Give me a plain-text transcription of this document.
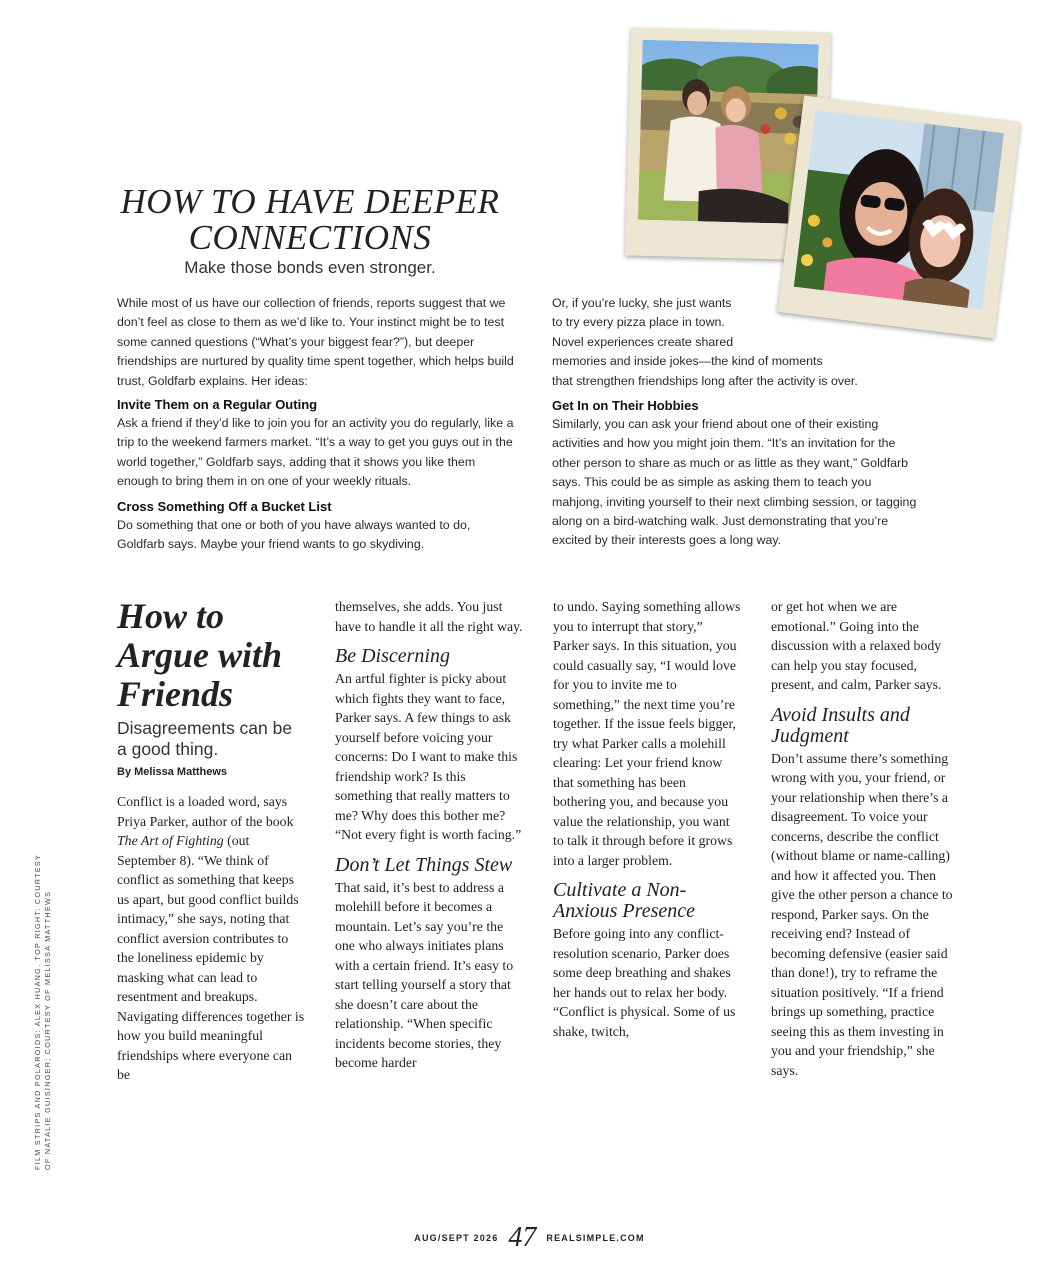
HOW TO HAVE DEEPER
CONNECTIONS
Make those bonds even stronger.

While most of us have our collection of friends, reports suggest that we don’t feel as close to them as we’d like to. Your instinct might be to test some canned questions (“What’s your biggest fear?”), but deeper friendships are nurtured by quality time spent together, which helps build trust, Goldfarb explains. Her ideas:

Invite Them on a Regular Outing

Ask a friend if they’d like to join you for an activity you do regularly, like a trip to the weekend farmers market. “It’s a way to get you guys out in the world together,” Goldfarb says, adding that it shows you like them enough to bring them in on one of your weekly rituals.

Cross Something Off a Bucket List

Do something that one or both of you have always wanted to do, Goldfarb says. Maybe your friend wants to go skydiving.

Or, if you’re lucky, she just wants
to try every pizza place in town.
Novel experiences create shared
memories and inside jokes—the kind of moments
that strengthen friendships long after the activity is over.

Get In on Their Hobbies

Similarly, you can ask your friend about one of their existing activities and how you might join them. “It’s an invitation for the other person to share as much or as little as they want,” Goldfarb says. This could be as simple as asking them to teach you mahjong, inviting yourself to their next climbing session, or tagging along on a bird-watching walk. Just demonstrating that you’re excited by their interests goes a long way.

How to Argue with Friends

Disagreements can be a good thing.

By Melissa Matthews

Conflict is a loaded word, says Priya Parker, author of the book The Art of Fighting (out September 8). “We think of conflict as something that keeps us apart, but good conflict builds intimacy,” she says, noting that conflict aversion contributes to the loneliness epidemic by masking what can lead to resentment and breakups. Navigating differences together is how you build meaningful friendships where everyone can be

themselves, she adds. You just have to handle it all the right way.

Be Discerning

An artful fighter is picky about which fights they want to face, Parker says. A few things to ask yourself before voicing your concerns: Do I want to make this friendship work? Is this something that really matters to me? Why does this bother me? “Not every fight is worth facing.”

Don’t Let Things Stew

That said, it’s best to address a molehill before it becomes a mountain. Let’s say you’re the one who always initiates plans with a certain friend. It’s easy to start telling yourself a story that she doesn’t care about the relationship. “When specific incidents become stories, they become harder

to undo. Saying something allows you to interrupt that story,” Parker says. In this situation, you could casually say, “I would love for you to invite me to something,” the next time you’re together. If the issue feels bigger, try what Parker calls a molehill clearing: Let your friend know that something has been bothering you, and because you value the relationship, you want to talk it through before it grows into a larger problem.

Cultivate a Non-Anxious Presence

Before going into any conflict-resolution scenario, Parker does some deep breathing and shakes her hands out to relax her body. “Conflict is physical. Some of us shake, twitch,

or get hot when we are emotional.” Going into the discussion with a relaxed body can help you stay focused, present, and calm, Parker says.

Avoid Insults and Judgment

Don’t assume there’s something wrong with you, your friend, or your relationship when there’s a disagreement. To voice your concerns, describe the conflict (without blame or name-calling) and how it affected you. Then give the other person a chance to respond, Parker says. On the receiving end? Instead of becoming defensive (easier said than done!), try to reframe the situation positively. “If a friend brings up something, practice seeing this as them investing in you and your friendship,” she says.

FILM STRIPS AND POLAROIDS: ALEX HUANG. TOP RIGHT: COURTESY OF NATALIE GUISINGER; COURTESY OF MELISSA MATTHEWS
AUG/SEPT 2026 47 REALSIMPLE.COM
